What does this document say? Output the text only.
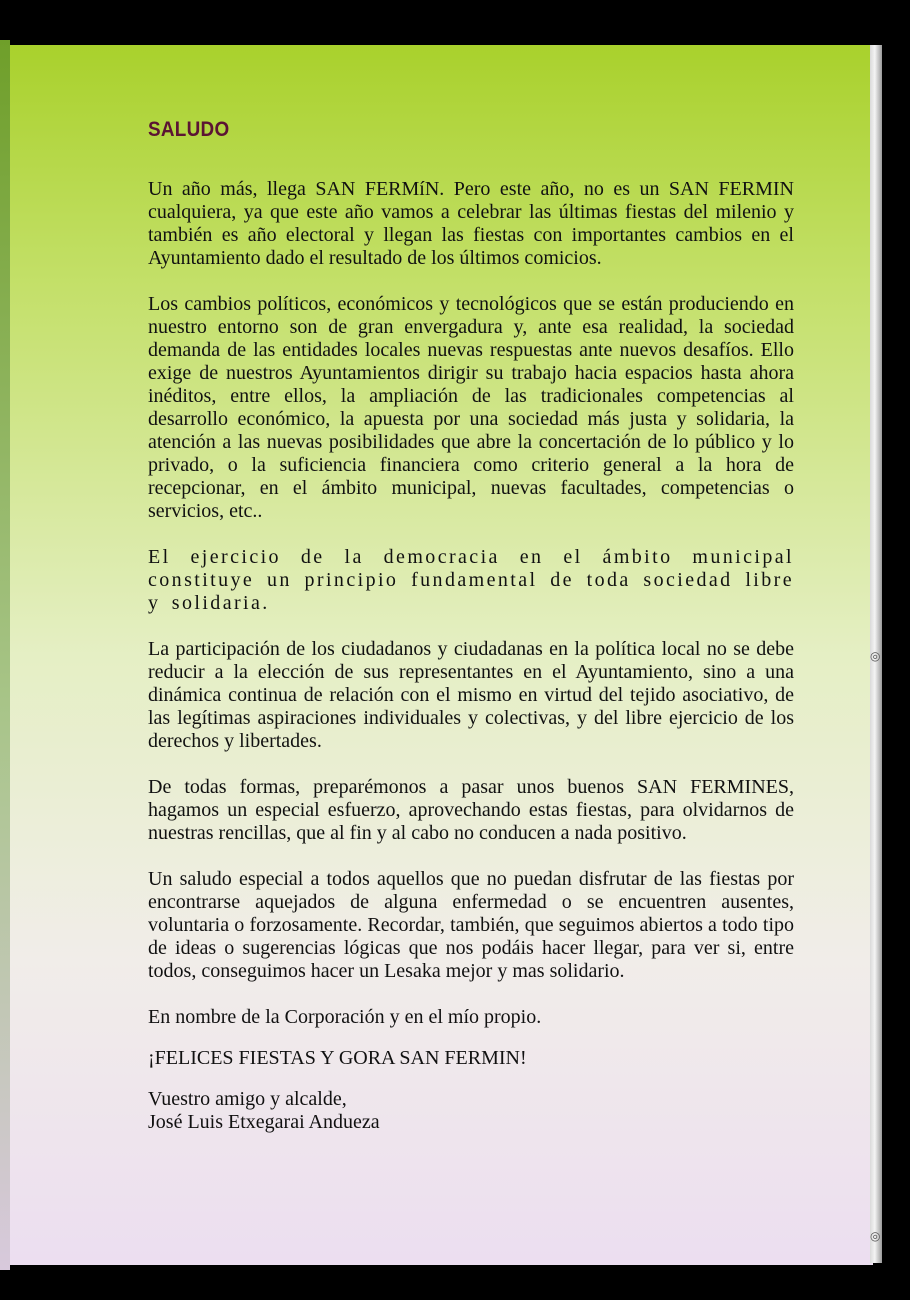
◎
◎
SALUDO

Un año más, llega SAN FERMíN. Pero este año, no es un SAN FERMIN cualquiera, ya que este año vamos a celebrar las últimas fiestas del milenio y también es año electoral y llegan las fiestas con importantes cambios en el Ayuntamiento dado el resultado de los últimos comicios.

Los cambios políticos, económicos y tecnológicos que se están produciendo en nuestro entorno son de gran envergadura y, ante esa realidad, la sociedad demanda de las entidades locales nuevas respuestas ante nuevos desafíos. Ello exige de nuestros Ayuntamientos dirigir su trabajo hacia espacios hasta ahora inéditos, entre ellos, la ampliación de las tradicionales competencias al desarrollo económico, la apuesta por una sociedad más justa y solidaria, la atención a las nuevas posibilidades que abre la concertación de lo público y lo privado, o la suficiencia financiera como criterio general a la hora de recepcionar, en el ámbito municipal, nuevas facultades, competencias o servicios, etc..

El ejercicio de la democracia en el ámbito municipal constituye un principio fundamental de toda sociedad libre y solidaria.

La participación de los ciudadanos y ciudadanas en la política local no se debe reducir a la elección de sus representantes en el Ayuntamiento, sino a una dinámica continua de relación con el mismo en virtud del tejido asociativo, de las legítimas aspiraciones individuales y colectivas, y del libre ejercicio de los derechos y libertades.

De todas formas, preparémonos a pasar unos buenos SAN FERMINES, hagamos un especial esfuerzo, aprovechando estas fiestas, para olvidarnos de nuestras rencillas, que al fin y al cabo no conducen a nada positivo.

Un saludo especial a todos aquellos que no puedan disfrutar de las fiestas por encontrarse aquejados de alguna enfermedad o se encuentren ausentes, voluntaria o forzosamente. Recordar, también, que seguimos abiertos a todo tipo de ideas o sugerencias lógicas que nos podáis hacer llegar, para ver si, entre todos, conseguimos hacer un Lesaka mejor y mas solidario.

En nombre de la Corporación y en el mío propio.

¡FELICES FIESTAS Y GORA SAN FERMIN!

Vuestro amigo y alcalde,
José Luis Etxegarai Andueza
